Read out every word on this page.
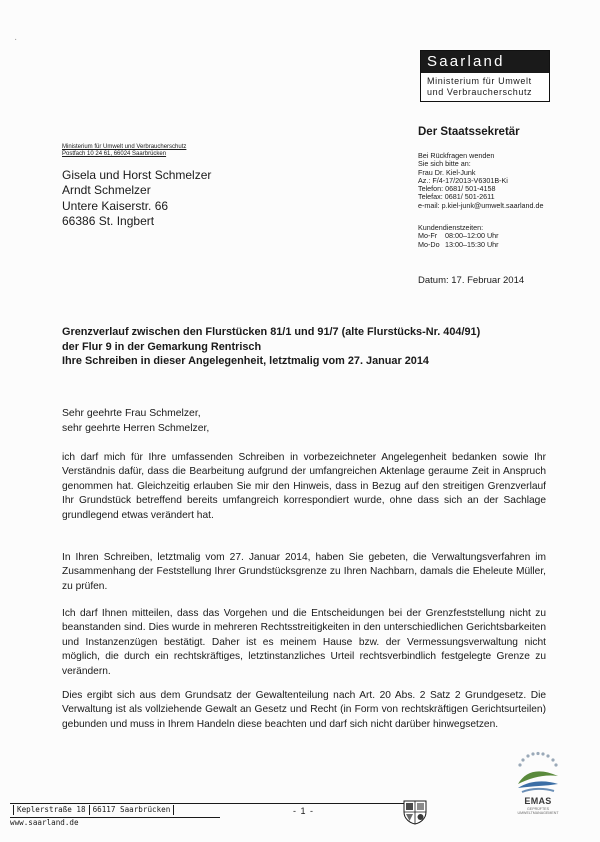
·
Saarland
Ministerium für Umwelt
und Verbraucherschutz
Der Staatssekretär
Bei Rückfragen wenden
Sie sich bitte an:
Frau Dr. Kiel-Junk
Az.: F/4-17/2013-V6301B-Ki
Telefon: 0681/ 501-4158
Telefax: 0681/ 501-2611
e-mail: p.kiel-junk@umwelt.saarland.de
Kundendienstzeiten:
Mo-Fr 08:00–12:00 Uhr
Mo-Do 13:00–15:30 Uhr
Datum: 17. Februar 2014
Ministerium für Umwelt und Verbraucherschutz
Postfach 10 24 61, 66024 Saarbrücken
Gisela und Horst Schmelzer
Arndt Schmelzer
Untere Kaiserstr. 66
66386 St. Ingbert
Grenzverlauf zwischen den Flurstücken 81/1 und 91/7 (alte Flurstücks-Nr. 404/91)
der Flur 9 in der Gemarkung Rentrisch
Ihre Schreiben in dieser Angelegenheit, letztmalig vom 27. Januar 2014
Sehr geehrte Frau Schmelzer,
sehr geehrte Herren Schmelzer,

ich darf mich für Ihre umfassenden Schreiben in vorbezeichneter Angelegenheit bedanken sowie Ihr Verständnis dafür, dass die Bearbeitung aufgrund der umfangreichen Aktenlage geraume Zeit in Anspruch genommen hat. Gleichzeitig erlauben Sie mir den Hinweis, dass in Bezug auf den streitigen Grenzverlauf Ihr Grundstück betreffend bereits umfangreich korrespondiert wurde, ohne dass sich an der Sachlage grundlegend etwas verändert hat.

In Ihren Schreiben, letztmalig vom 27. Januar 2014, haben Sie gebeten, die Verwaltungsverfahren im Zusammenhang der Feststellung Ihrer Grundstücksgrenze zu Ihren Nachbarn, damals die Eheleute Müller, zu prüfen.

Ich darf Ihnen mitteilen, dass das Vorgehen und die Entscheidungen bei der Grenzfeststellung nicht zu beanstanden sind. Dies wurde in mehreren Rechtsstreitigkeiten in den unterschiedlichen Gerichtsbarkeiten und Instanzenzügen bestätigt. Daher ist es meinem Hause bzw. der Vermessungsverwaltung nicht möglich, die durch ein rechtskräftiges, letztinstanzliches Urteil rechtsverbindlich festgelegte Grenze zu verändern.

Dies ergibt sich aus dem Grundsatz der Gewaltenteilung nach Art. 20 Abs. 2 Satz 2 Grundgesetz. Die Verwaltung ist als vollziehende Gewalt an Gesetz und Recht (in Form von rechtskräftigen Gerichtsurteilen) gebunden und muss in Ihrem Handeln diese beachten und darf sich nicht darüber hinwegsetzen.

EMAS
GEPRÜFTES
UMWELTMANAGEMENT
Keplerstraße 18 66117 Saarbrücken
www.saarland.de
- 1 -
